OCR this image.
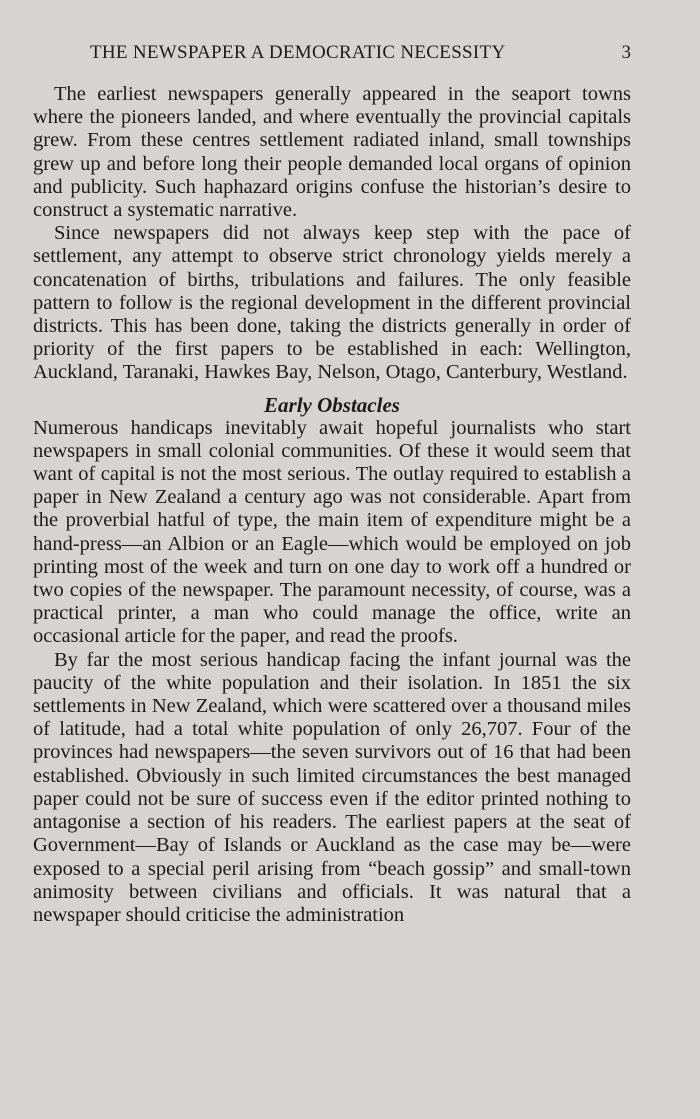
THE NEWSPAPER A DEMOCRATIC NECESSITY	3

The earliest newspapers generally appeared in the seaport towns where the pioneers landed, and where eventually the provincial capitals grew. From these centres settlement radiated inland, small townships grew up and before long their people demanded local organs of opinion and publicity. Such haphazard origins confuse the historian’s desire to construct a systematic narrative.

Since newspapers did not always keep step with the pace of settlement, any attempt to observe strict chronology yields merely a concatenation of births, tribulations and failures. The only feasible pattern to follow is the regional development in the different provincial districts. This has been done, taking the districts generally in order of priority of the first papers to be established in each: Wellington, Auckland, Taranaki, Hawkes Bay, Nelson, Otago, Canterbury, Westland.

Early Obstacles

Numerous handicaps inevitably await hopeful journalists who start newspapers in small colonial communities. Of these it would seem that want of capital is not the most serious. The outlay required to establish a paper in New Zealand a century ago was not considerable. Apart from the proverbial hatful of type, the main item of expenditure might be a hand-press—an Albion or an Eagle—which would be employed on job printing most of the week and turn on one day to work off a hundred or two copies of the newspaper. The paramount necessity, of course, was a practical printer, a man who could manage the office, write an occasional article for the paper, and read the proofs.

By far the most serious handicap facing the infant journal was the paucity of the white population and their isolation. In 1851 the six settlements in New Zealand, which were scattered over a thousand miles of latitude, had a total white population of only 26,707. Four of the provinces had newspapers—the seven survivors out of 16 that had been established. Obviously in such limited circumstances the best managed paper could not be sure of success even if the editor printed nothing to antagonise a section of his readers. The earliest papers at the seat of Government—Bay of Islands or Auckland as the case may be—were exposed to a special peril arising from “beach gossip” and small-town animosity between civilians and officials. It was natural that a newspaper should criticise the administration
